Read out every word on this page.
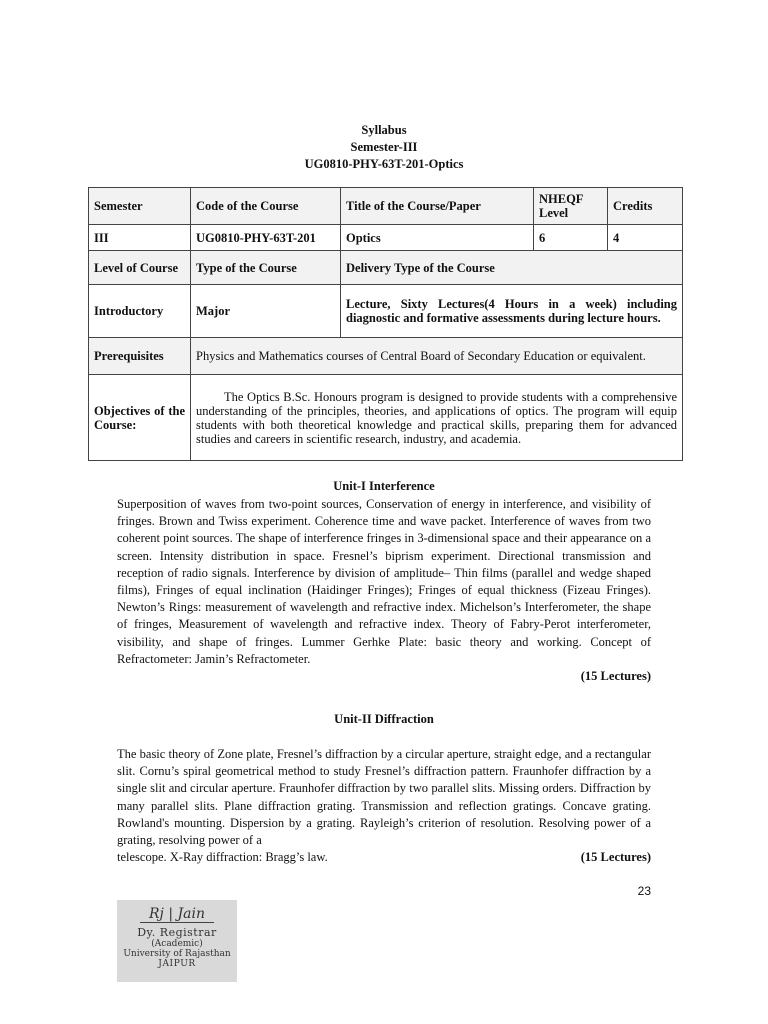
Syllabus
Semester-III
UG0810-PHY-63T-201-Optics
Semester	Code of the Course	Title of the Course/Paper	NHEQF Level	Credits
III	UG0810-PHY-63T-201	Optics	6	4
Level of Course	Type of the Course	Delivery Type of the Course		
Introductory	Major	Lecture, Sixty Lectures(4 Hours in a week) including diagnostic and formative assessments during lecture hours.		
Prerequisites	Physics and Mathematics courses of Central Board of Secondary Education or equivalent.			
Objectives of the Course:	The Optics B.Sc. Honours program is designed to provide students with a comprehensive understanding of the principles, theories, and applications of optics. The program will equip students with both theoretical knowledge and practical skills, preparing them for advanced studies and careers in scientific research, industry, and academia.			
Unit-I Interference
Superposition of waves from two-point sources, Conservation of energy in interference, and visibility of fringes. Brown and Twiss experiment. Coherence time and wave packet. Interference of waves from two coherent point sources. The shape of interference fringes in 3-dimensional space and their appearance on a screen. Intensity distribution in space. Fresnel’s biprism experiment. Directional transmission and reception of radio signals. Interference by division of amplitude– Thin films (parallel and wedge shaped films), Fringes of equal inclination (Haidinger Fringes); Fringes of equal thickness (Fizeau Fringes). Newton’s Rings: measurement of wavelength and refractive index. Michelson’s Interferometer, the shape of fringes, Measurement of wavelength and refractive index. Theory of Fabry-Perot interferometer, visibility, and shape of fringes. Lummer Gerhke Plate: basic theory and working. Concept of Refractometer: Jamin’s Refractometer.
(15 Lectures)
Unit-II Diffraction
The basic theory of Zone plate, Fresnel’s diffraction by a circular aperture, straight edge, and a rectangular slit. Cornu’s spiral geometrical method to study Fresnel’s diffraction pattern. Fraunhofer diffraction by a single slit and circular aperture. Fraunhofer diffraction by two parallel slits. Missing orders. Diffraction by many parallel slits. Plane diffraction grating. Transmission and reflection gratings. Concave grating. Rowland's mounting. Dispersion by a grating. Rayleigh’s criterion of resolution. Resolving power of a grating, resolving power of a
telescope. X-Ray diffraction: Bragg’s law.	(15 Lectures)
23
Rj | Jain
Dy. Registrar
(Academic)
University of Rajasthan
JAIPUR
